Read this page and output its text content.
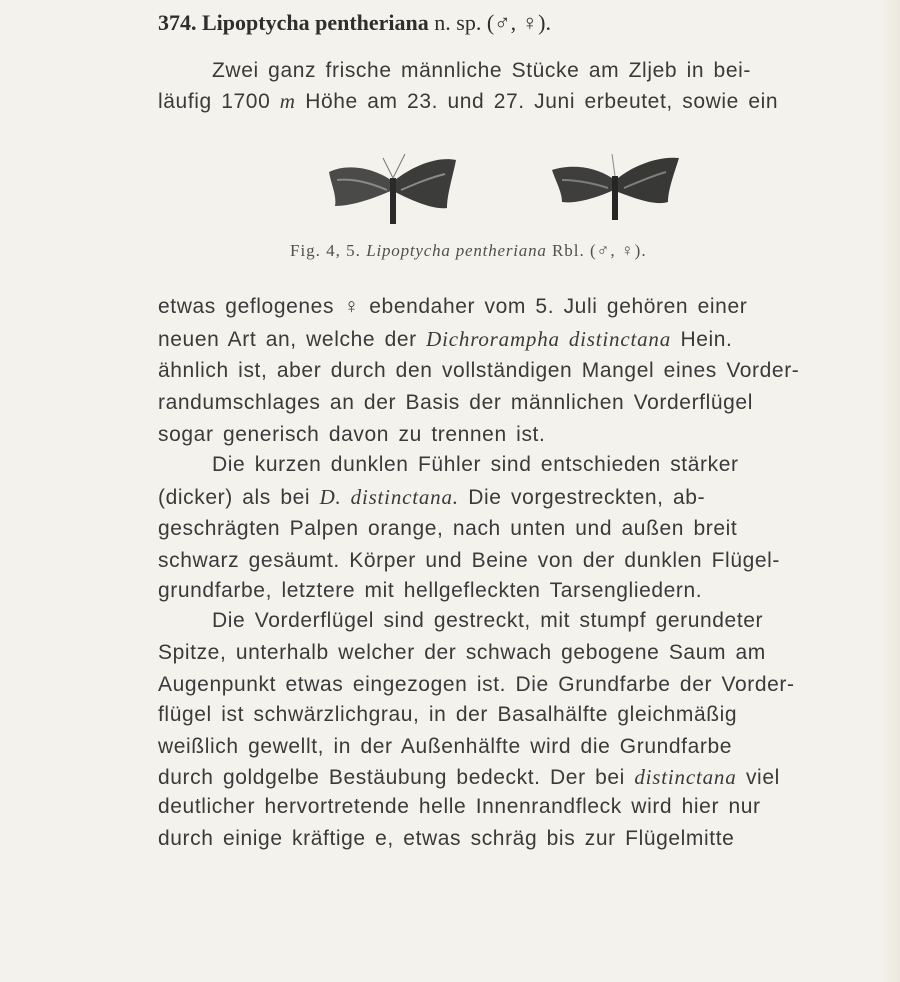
374. Lipoptycha pentheriana n. sp. (♂, ♀).
Zwei ganz frische männliche Stücke am Zljeb in bei-
läufig 1700 m Höhe am 23. und 27. Juni erbeutet, sowie ein
Fig. 4, 5. Lipoptycha pentheriana Rbl. (♂, ♀).
etwas geflogenes ♀ ebendaher vom 5. Juli gehören einer
neuen Art an, welche der Dichrorampha distinctana Hein.
ähnlich ist, aber durch den vollständigen Mangel eines Vorder-
randumschlages an der Basis der männlichen Vorderflügel
sogar generisch davon zu trennen ist.
Die kurzen dunklen Fühler sind entschieden stärker
(dicker) als bei D. distinctana. Die vorgestreckten, ab-
geschrägten Palpen orange, nach unten und außen breit
schwarz gesäumt. Körper und Beine von der dunklen Flügel-
grundfarbe, letztere mit hellgefleckten Tarsengliedern.
Die Vorderflügel sind gestreckt, mit stumpf gerundeter
Spitze, unterhalb welcher der schwach gebogene Saum am
Augenpunkt etwas eingezogen ist. Die Grundfarbe der Vorder-
flügel ist schwärzlichgrau, in der Basalhälfte gleichmäßig
weißlich gewellt, in der Außenhälfte wird die Grundfarbe
durch goldgelbe Bestäubung bedeckt. Der bei distinctana viel
deutlicher hervortretende helle Innenrandfleck wird hier nur
durch einige kräftige e, etwas schräg bis zur Flügelmitte
